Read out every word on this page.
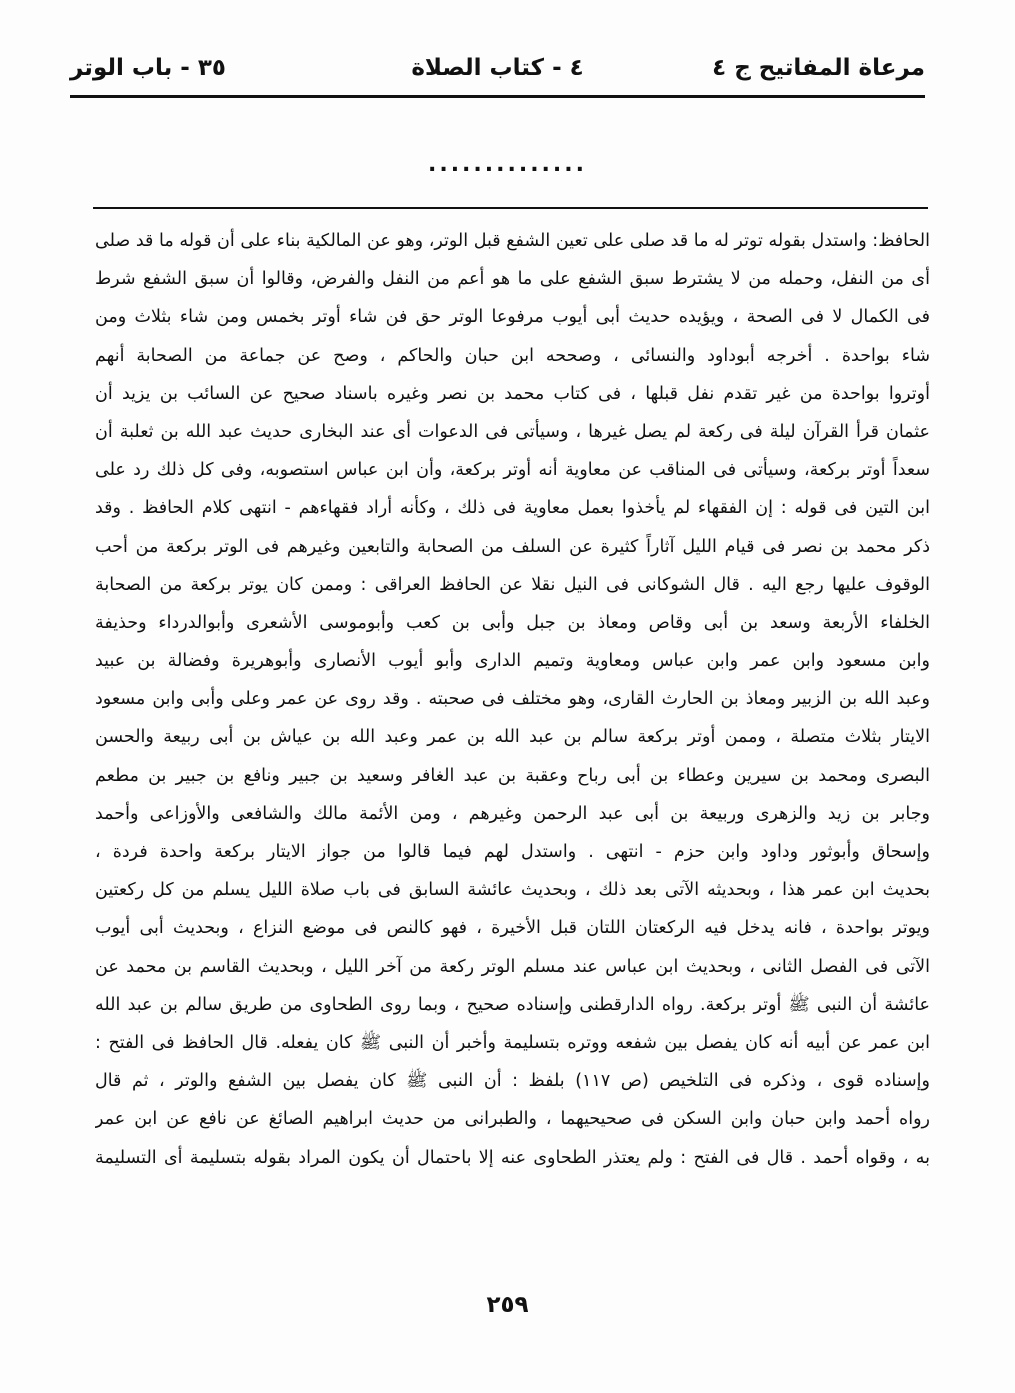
مرعاة المفاتيح ج ٤
٤ - كتاب الصلاة
٣٥ - باب الوتر
..............
الحافظ: واستدل بقوله توتر له ما قد صلى على تعين الشفع قبل الوتر، وهو عن المالكية بناء على أن قوله ما قد صلى
أى من النفل، وحمله من لا يشترط سبق الشفع على ما هو أعم من النفل والفرض، وقالوا أن سبق الشفع شرط
فى الكمال لا فى الصحة ، ويؤيده حديث أبى أيوب مرفوعا الوتر حق فن شاء أوتر بخمس ومن شاء بثلاث ومن
شاء بواحدة . أخرجه أبوداود والنسائى ، وصححه ابن حبان والحاكم ، وصح عن جماعة من الصحابة أنهم
أوتروا بواحدة من غير تقدم نفل قبلها ، فى كتاب محمد بن نصر وغيره باسناد صحيح عن السائب بن يزيد أن
عثمان قرأ القرآن ليلة فى ركعة لم يصل غيرها ، وسيأتى فى الدعوات أى عند البخارى حديث عبد الله بن ثعلبة أن
سعداً أوتر بركعة، وسيأتى فى المناقب عن معاوية أنه أوتر بركعة، وأن ابن عباس استصوبه، وفى كل ذلك رد على
ابن التين فى قوله : إن الفقهاء لم يأخذوا بعمل معاوية فى ذلك ، وكأنه أراد فقهاءهم - انتهى كلام الحافظ . وقد
ذكر محمد بن نصر فى قيام الليل آثاراً كثيرة عن السلف من الصحابة والتابعين وغيرهم فى الوتر بركعة من أحب
الوقوف عليها رجع اليه . قال الشوكانى فى النيل نقلا عن الحافظ العراقى : وممن كان يوتر بركعة من الصحابة
الخلفاء الأربعة وسعد بن أبى وقاص ومعاذ بن جبل وأبى بن كعب وأبوموسى الأشعرى وأبوالدرداء وحذيفة
وابن مسعود وابن عمر وابن عباس ومعاوية وتميم الدارى وأبو أيوب الأنصارى وأبوهريرة وفضالة بن عبيد
وعبد الله بن الزبير ومعاذ بن الحارث القارى، وهو مختلف فى صحبته . وقد روى عن عمر وعلى وأبى وابن مسعود
الايتار بثلاث متصلة ، وممن أوتر بركعة سالم بن عبد الله بن عمر وعبد الله بن عياش بن أبى ربيعة والحسن
البصرى ومحمد بن سيرين وعطاء بن أبى رباح وعقبة بن عبد الغافر وسعيد بن جبير ونافع بن جبير بن مطعم
وجابر بن زيد والزهرى وربيعة بن أبى عبد الرحمن وغيرهم ، ومن الأئمة مالك والشافعى والأوزاعى وأحمد
وإسحاق وأبوثور وداود وابن حزم - انتهى . واستدل لهم فيما قالوا من جواز الايتار بركعة واحدة فردة ،
بحديث ابن عمر هذا ، وبحديثه الآتى بعد ذلك ، وبحديث عائشة السابق فى باب صلاة الليل يسلم من كل ركعتين
ويوتر بواحدة ، فانه يدخل فيه الركعتان اللتان قبل الأخيرة ، فهو كالنص فى موضع النزاع ، وبحديث أبى أيوب
الآتى فى الفصل الثانى ، وبحديث ابن عباس عند مسلم الوتر ركعة من آخر الليل ، وبحديث القاسم بن محمد عن
عائشة أن النبى ﷺ أوتر بركعة. رواه الدارقطنى وإسناده صحيح ، وبما روى الطحاوى من طريق سالم بن عبد الله
ابن عمر عن أبيه أنه كان يفصل بين شفعه ووتره بتسليمة وأخبر أن النبى ﷺ كان يفعله. قال الحافظ فى الفتح :
وإسناده قوى ، وذكره فى التلخيص (ص ١١٧) بلفظ : أن النبى ﷺ كان يفصل بين الشفع والوتر ، ثم قال
رواه أحمد وابن حبان وابن السكن فى صحيحيهما ، والطبرانى من حديث ابراهيم الصائغ عن نافع عن ابن عمر
به ، وقواه أحمد . قال فى الفتح : ولم يعتذر الطحاوى عنه إلا باحتمال أن يكون المراد بقوله بتسليمة أى التسليمة
٢٥٩
